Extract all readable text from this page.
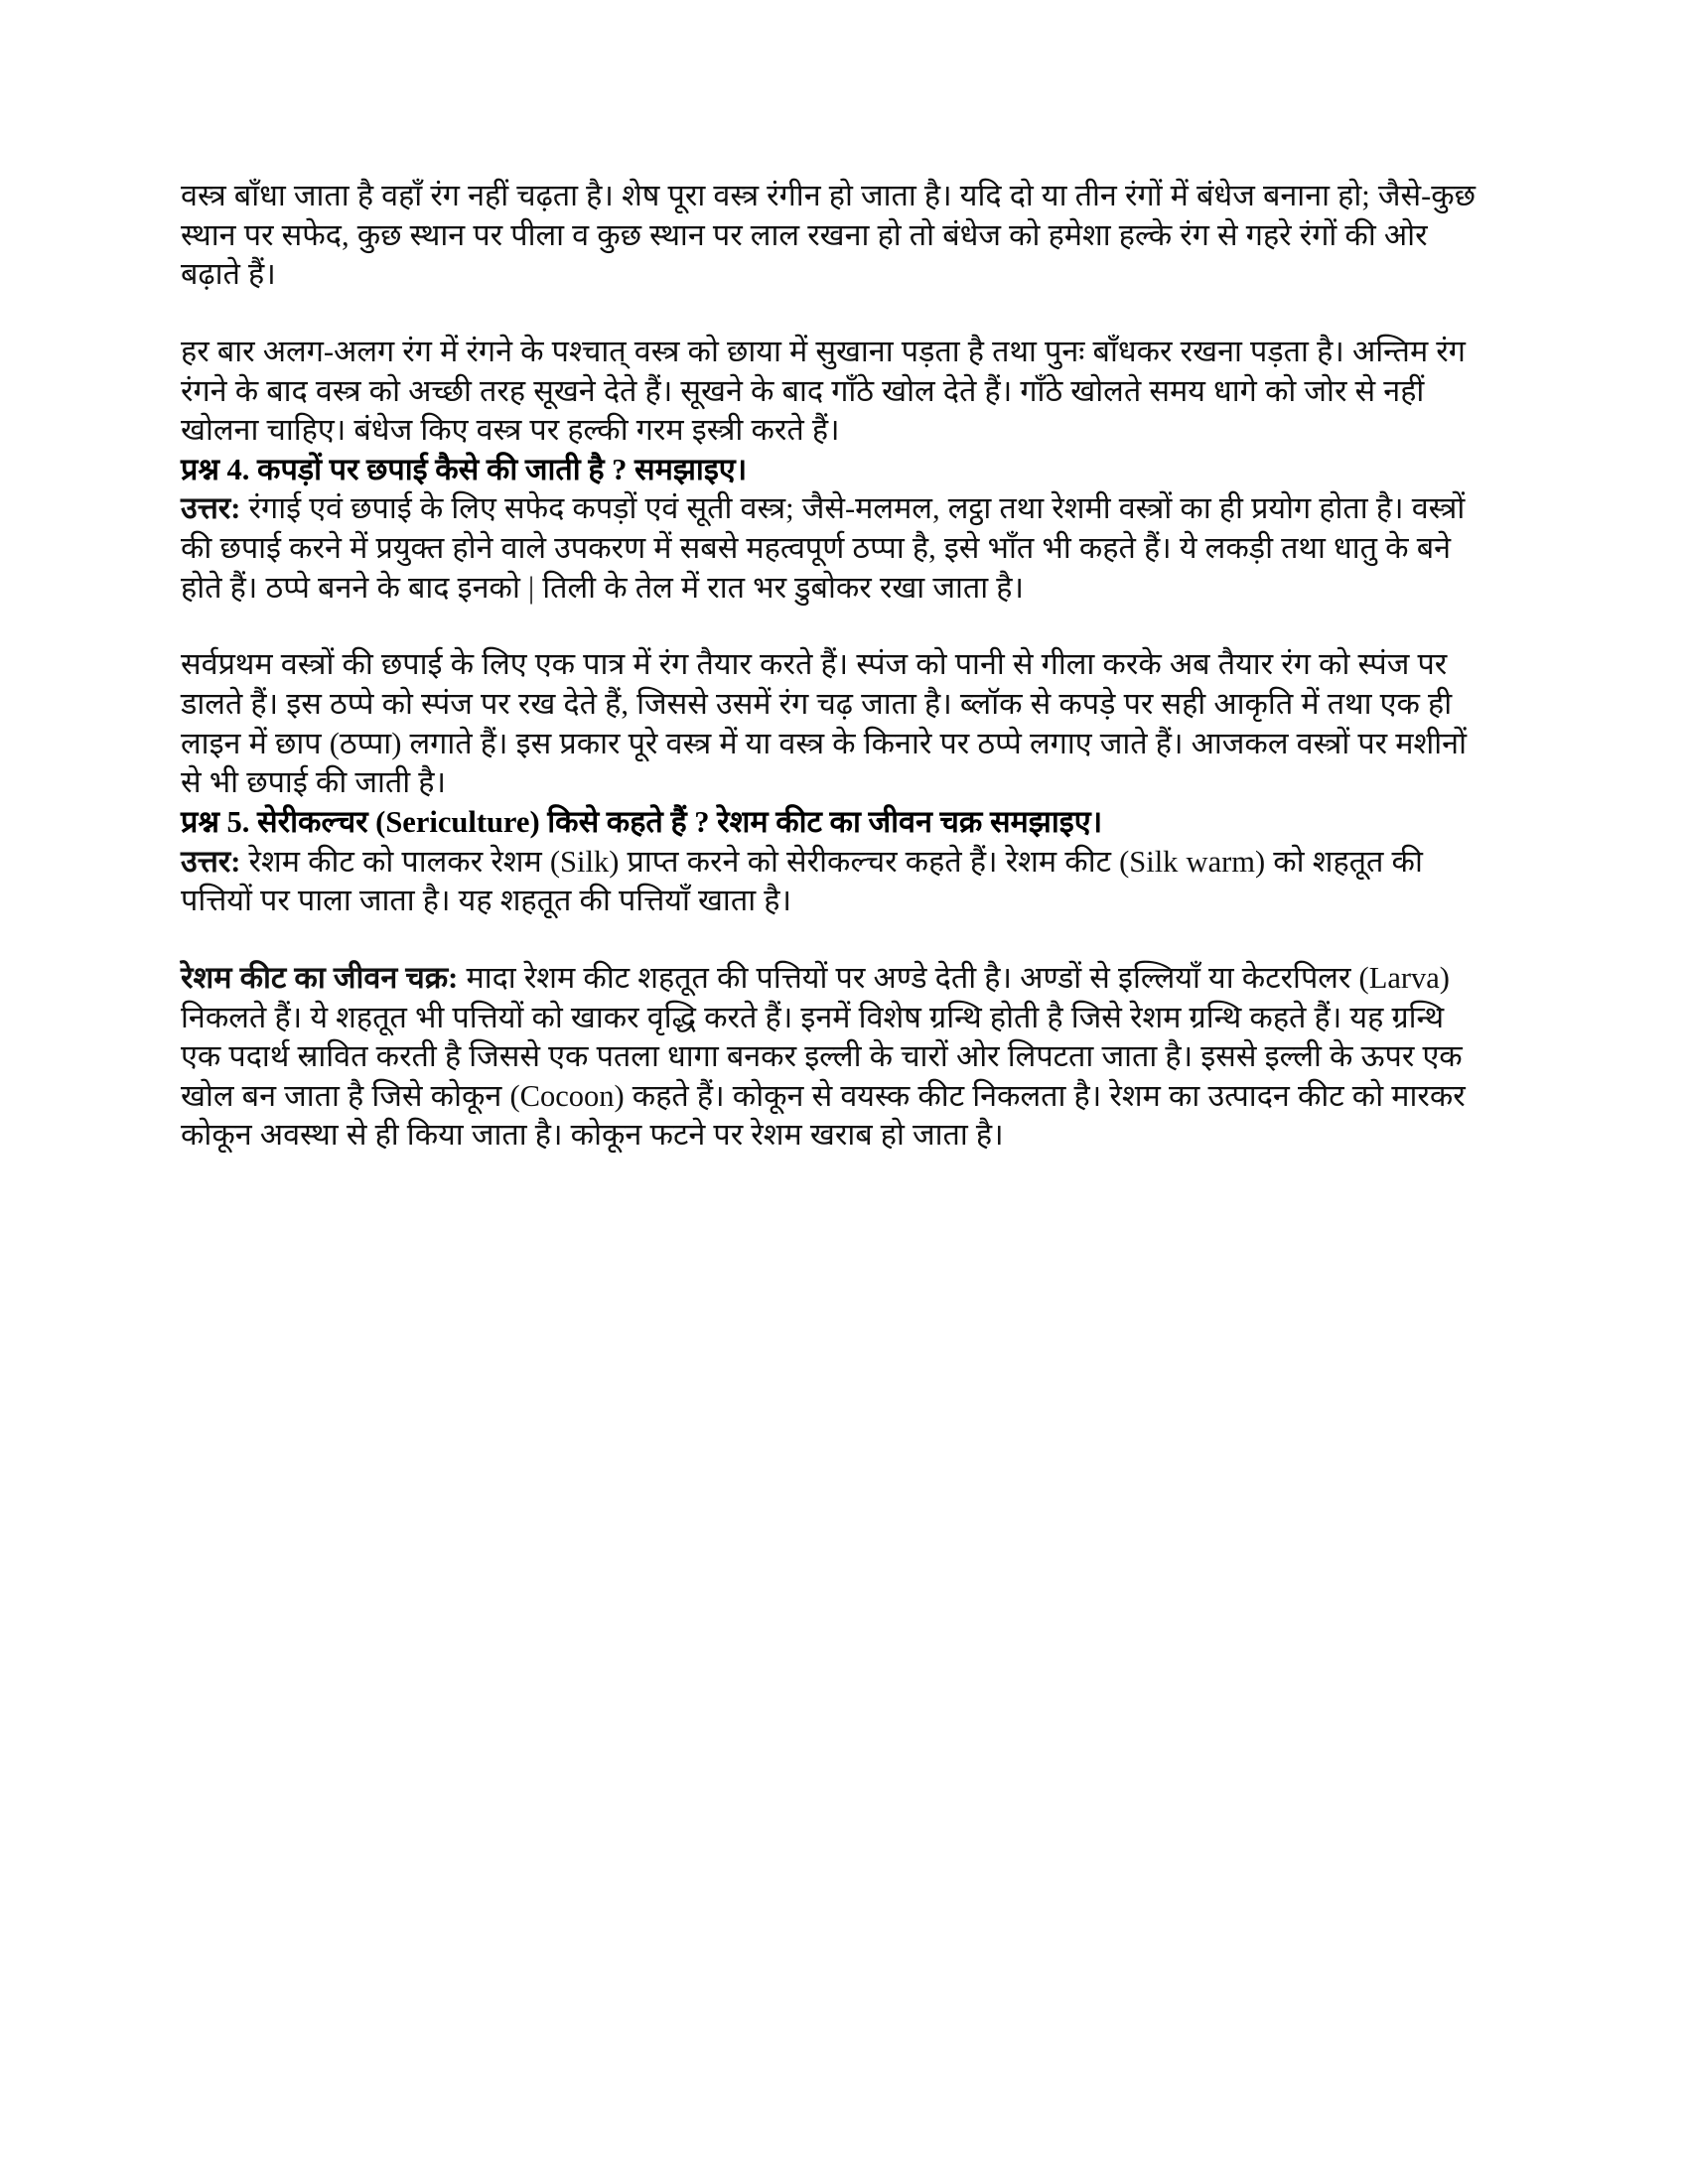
वस्त्र बाँधा जाता है वहाँ रंग नहीं चढ़ता है। शेष पूरा वस्त्र रंगीन हो जाता है। यदि दो या तीन रंगों में बंधेज बनाना हो; जैसे-कुछ स्थान पर सफेद, कुछ स्थान पर पीला व कुछ स्थान पर लाल रखना हो तो बंधेज को हमेशा हल्के रंग से गहरे रंगों की ओर बढ़ाते हैं।

हर बार अलग-अलग रंग में रंगने के पश्चात् वस्त्र को छाया में सुखाना पड़ता है तथा पुनः बाँधकर रखना पड़ता है। अन्तिम रंग रंगने के बाद वस्त्र को अच्छी तरह सूखने देते हैं। सूखने के बाद गाँठे खोल देते हैं। गाँठे खोलते समय धागे को जोर से नहीं खोलना चाहिए। बंधेज किए वस्त्र पर हल्की गरम इस्त्री करते हैं।

प्रश्न 4. कपड़ों पर छपाई कैसे की जाती है ? समझाइए।

उत्तर: रंगाई एवं छपाई के लिए सफेद कपड़ों एवं सूती वस्त्र; जैसे-मलमल, लट्ठा तथा रेशमी वस्त्रों का ही प्रयोग होता है। वस्त्रों की छपाई करने में प्रयुक्त होने वाले उपकरण में सबसे महत्वपूर्ण ठप्पा है, इसे भाँत भी कहते हैं। ये लकड़ी तथा धातु के बने होते हैं। ठप्पे बनने के बाद इनको | तिली के तेल में रात भर डुबोकर रखा जाता है।

सर्वप्रथम वस्त्रों की छपाई के लिए एक पात्र में रंग तैयार करते हैं। स्पंज को पानी से गीला करके अब तैयार रंग को स्पंज पर डालते हैं। इस ठप्पे को स्पंज पर रख देते हैं, जिससे उसमें रंग चढ़ जाता है। ब्लॉक से कपड़े पर सही आकृति में तथा एक ही लाइन में छाप (ठप्पा) लगाते हैं। इस प्रकार पूरे वस्त्र में या वस्त्र के किनारे पर ठप्पे लगाए जाते हैं। आजकल वस्त्रों पर मशीनों से भी छपाई की जाती है।

प्रश्न 5. सेरीकल्चर (Sericulture) किसे कहते हैं ? रेशम कीट का जीवन चक्र समझाइए।

उत्तर: रेशम कीट को पालकर रेशम (Silk) प्राप्त करने को सेरीकल्चर कहते हैं। रेशम कीट (Silk warm) को शहतूत की पत्तियों पर पाला जाता है। यह शहतूत की पत्तियाँ खाता है।

रेशम कीट का जीवन चक्र: मादा रेशम कीट शहतूत की पत्तियों पर अण्डे देती है। अण्डों से इल्लियाँ या केटरपिलर (Larva) निकलते हैं। ये शहतूत भी पत्तियों को खाकर वृद्धि करते हैं। इनमें विशेष ग्रन्थि होती है जिसे रेशम ग्रन्थि कहते हैं। यह ग्रन्थि एक पदार्थ स्रावित करती है जिससे एक पतला धागा बनकर इल्ली के चारों ओर लिपटता जाता है। इससे इल्ली के ऊपर एक खोल बन जाता है जिसे कोकून (Cocoon) कहते हैं। कोकून से वयस्क कीट निकलता है। रेशम का उत्पादन कीट को मारकर कोकून अवस्था से ही किया जाता है। कोकून फटने पर रेशम खराब हो जाता है।
